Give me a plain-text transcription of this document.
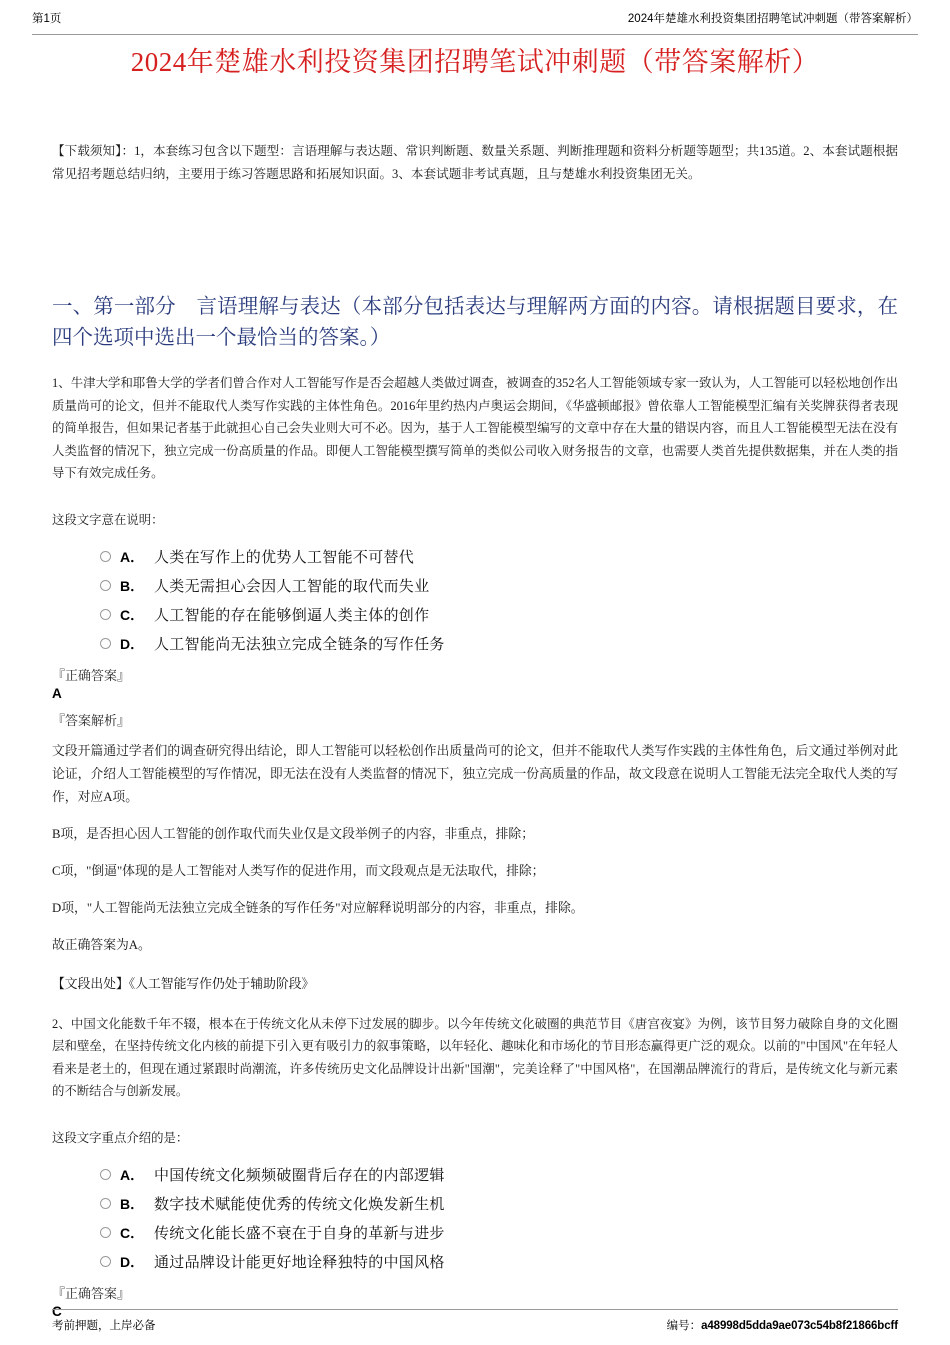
第1页	2024年楚雄水利投资集团招聘笔试冲刺题（带答案解析）
2024年楚雄水利投资集团招聘笔试冲刺题（带答案解析）

【下载须知】：1，本套练习包含以下题型：言语理解与表达题、常识判断题、数量关系题、判断推理题和资料分析题等题型；共135道。2、本套试题根据常见招考题总结归纳，主要用于练习答题思路和拓展知识面。3、本套试题非考试真题，且与楚雄水利投资集团无关。

一、第一部分　言语理解与表达（本部分包括表达与理解两方面的内容。请根据题目要求，在四个选项中选出一个最恰当的答案。）

1、牛津大学和耶鲁大学的学者们曾合作对人工智能写作是否会超越人类做过调查，被调查的352名人工智能领域专家一致认为，人工智能可以轻松地创作出质量尚可的论文，但并不能取代人类写作实践的主体性角色。2016年里约热内卢奥运会期间，《华盛顿邮报》曾依靠人工智能模型汇编有关奖牌获得者表现的简单报告，但如果记者基于此就担心自己会失业则大可不必。因为，基于人工智能模型编写的文章中存在大量的错误内容，而且人工智能模型无法在没有人类监督的情况下，独立完成一份高质量的作品。即便人工智能模型撰写简单的类似公司收入财务报告的文章，也需要人类首先提供数据集，并在人类的指导下有效完成任务。

这段文字意在说明：

A． 人类在写作上的优势人工智能不可替代
B． 人类无需担心会因人工智能的取代而失业
C． 人工智能的存在能够倒逼人类主体的创作
D． 人工智能尚无法独立完成全链条的写作任务

『正确答案』

A

『答案解析』

文段开篇通过学者们的调查研究得出结论，即人工智能可以轻松创作出质量尚可的论文，但并不能取代人类写作实践的主体性角色，后文通过举例对此论证，介绍人工智能模型的写作情况，即无法在没有人类监督的情况下，独立完成一份高质量的作品，故文段意在说明人工智能无法完全取代人类的写作，对应A项。

B项，是否担心因人工智能的创作取代而失业仅是文段举例子的内容，非重点，排除；

C项，"倒逼"体现的是人工智能对人类写作的促进作用，而文段观点是无法取代，排除；

D项，"人工智能尚无法独立完成全链条的写作任务"对应解释说明部分的内容，非重点，排除。

故正确答案为A。

【文段出处】《人工智能写作仍处于辅助阶段》

2、中国文化能数千年不辍，根本在于传统文化从未停下过发展的脚步。以今年传统文化破圈的典范节目《唐宫夜宴》为例，该节目努力破除自身的文化圈层和壁垒，在坚持传统文化内核的前提下引入更有吸引力的叙事策略，以年轻化、趣味化和市场化的节目形态赢得更广泛的观众。以前的"中国风"在年轻人看来是老土的，但现在通过紧跟时尚潮流，许多传统历史文化品牌设计出新"国潮"，完美诠释了"中国风格"，在国潮品牌流行的背后，是传统文化与新元素的不断结合与创新发展。

这段文字重点介绍的是：

A． 中国传统文化频频破圈背后存在的内部逻辑
B． 数字技术赋能使优秀的传统文化焕发新生机
C． 传统文化能长盛不衰在于自身的革新与进步
D． 通过品牌设计能更好地诠释独特的中国风格

『正确答案』

C

考前押题，上岸必备	编号：a48998d5dda9ae073c54b8f21866bcff
